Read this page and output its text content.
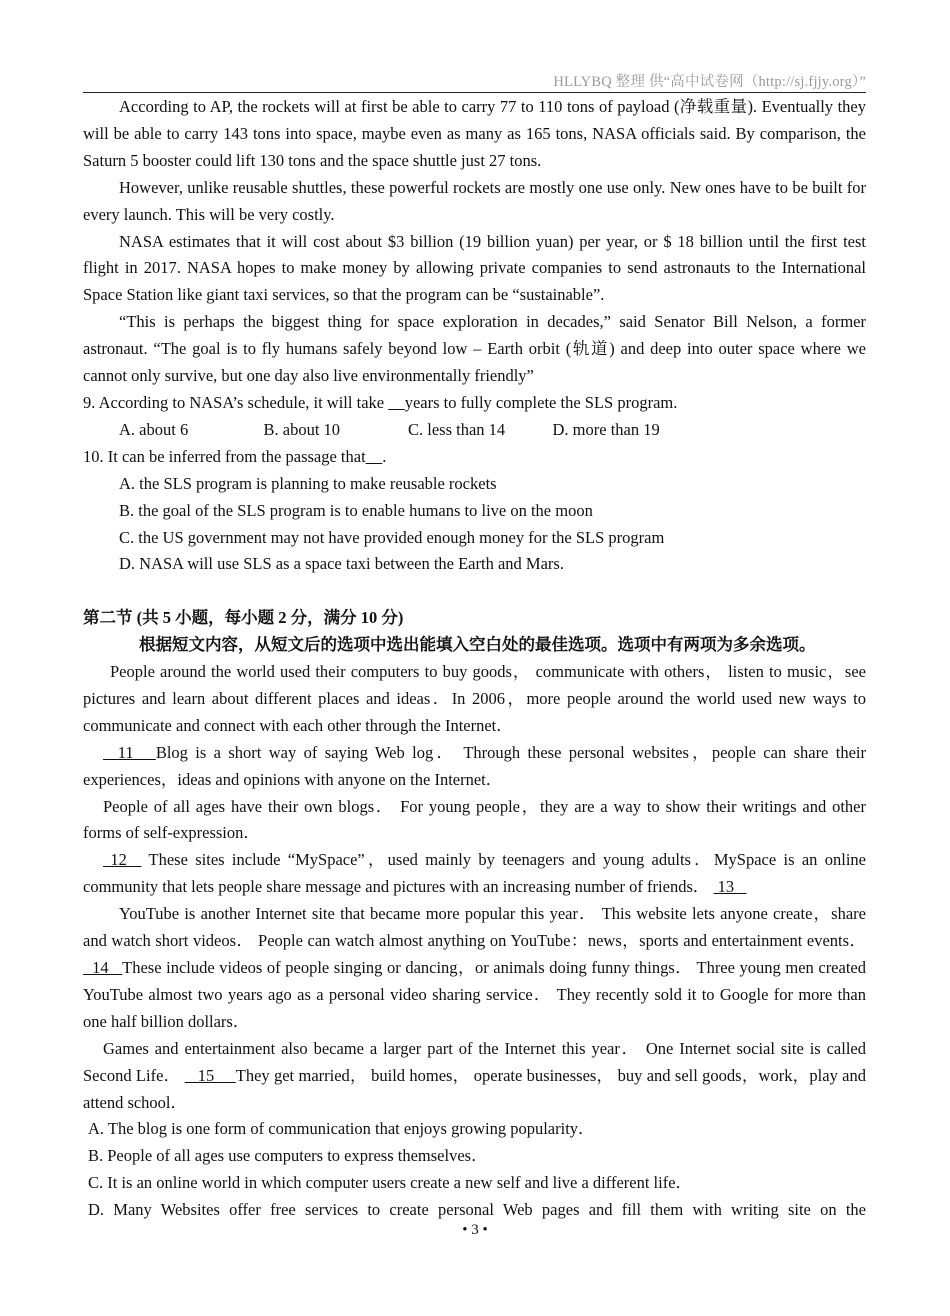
HLLYBQ 整理 供“高中试卷网（http://sj.fjjy.org）”

According to AP, the rockets will at first be able to carry 77 to 110 tons of payload (净载重量). Eventually they will be able to carry 143 tons into space, maybe even as many as 165 tons, NASA officials said. By comparison, the Saturn 5 booster could lift 130 tons and the space shuttle just 27 tons.

However, unlike reusable shuttles, these powerful rockets are mostly one use only. New ones have to be built for every launch. This will be very costly.

NASA estimates that it will cost about $3 billion (19 billion yuan) per year, or $ 18 billion until the first test flight in 2017. NASA hopes to make money by allowing private companies to send astronauts to the International Space Station like giant taxi services, so that the program can be “sustainable”.

“This is perhaps the biggest thing for space exploration in decades,” said Senator Bill Nelson, a former astronaut. “The goal is to fly humans safely beyond low – Earth orbit (轨道) and deep into outer space where we cannot only survive, but one day also live environmentally friendly”

9. According to NASA’s schedule, it will take     years to fully complete the SLS program.

A. about 6	B. about 10	C. less than 14	D. more than 19

10. It can be inferred from the passage that .

A. the SLS program is planning to make reusable rockets

B. the goal of the SLS program is to enable humans to live on the moon

C. the US government may not have provided enough money for the SLS program

D. NASA will use SLS as a space taxi between the Earth and Mars.

第二节 (共 5 小题，每小题 2 分，满分 10 分)

根据短文内容，从短文后的选项中选出能填入空白处的最佳选项。选项中有两项为多余选项。

People around the world used their computers to buy goods， communicate with others， listen to music，see pictures and learn about different places and ideas．In 2006，more people around the world used new ways to communicate and connect with each other through the Internet．

11   Blog is a short way of saying Web log． Through these personal websites，people can share their experiences，ideas and opinions with anyone on the Internet．

People of all ages have their own blogs． For young people，they are a way to show their writings and other forms of self-expression．

12   These sites include “MySpace”，used mainly by teenagers and young adults．MySpace is an online community that lets people share message and pictures with an increasing number of friends．  13

YouTube is another Internet site that became more popular this year． This website lets anyone create，share and watch short videos． People can watch almost anything on YouTube：news，sports and entertainment events．   14   These include videos of people singing or dancing，or animals doing funny things． Three young men created YouTube almost two years ago as a personal video sharing service． They recently sold it to Google for more than one half billion dollars．

Games and entertainment also became a larger part of the Internet this year． One Internet social site is called Second Life．    15     They get married， build homes， operate businesses， buy and sell goods，work，play and attend school．

A. The blog is one form of communication that enjoys growing popularity．

B. People of all ages use computers to express themselves．

C. It is an online world in which computer users create a new self and live a different life．

D. Many Websites offer free services to create personal Web pages and fill them with writing site on the

• 3 •
